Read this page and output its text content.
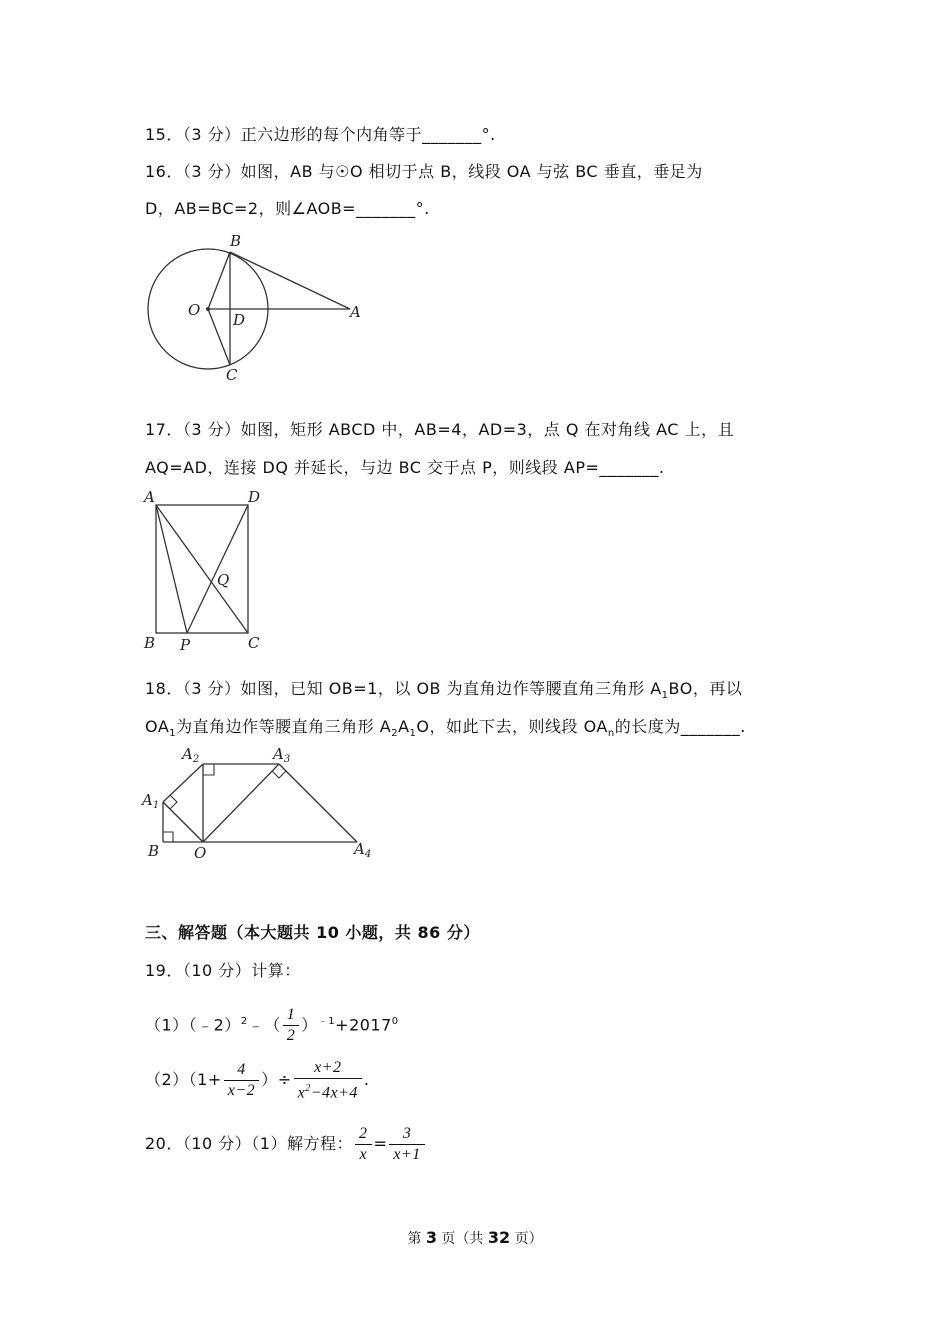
15．（3 分）正六边形的每个内角等于_______°.
16．（3 分）如图，AB 与☉O 相切于点 B，线段 OA 与弦 BC 垂直，垂足为
D，AB=BC=2，则∠AOB=_______°.
B
O
D	A
C
17．（3 分）如图，矩形 ABCD 中，AB=4，AD=3，点 Q 在对角线 AC 上，且
AQ=AD，连接 DQ 并延长，与边 BC 交于点 P，则线段 AP=_______.
A	D
Q
B P	C
18．（3 分）如图，已知 OB=1，以 OB 为直角边作等腰直角三角形 $A_1BO$，再以
$OA_1$为直角边作等腰直角三角形 $A_2A_1O$，如此下去，则线段 $OA_n$的长度为_______.
$A_1$
$A_2$	$A_3$
$A_4$
B O
三、解答题（本大题共 10 小题，共 86 分）
19．（10 分）计算：
（1）（﹣2）$^2$﹣（ $\frac{1}{2} )^{﹣1}+2017^0$
$(2)(1+ \frac{4}{x-2}$ ）÷ $\frac{x+2}{x^2-4x+4}$ .
20．（10 分）（1）解方程： $\frac{2}{x} = \frac{3}{x+1}$
第 3 页（共 32 页）
